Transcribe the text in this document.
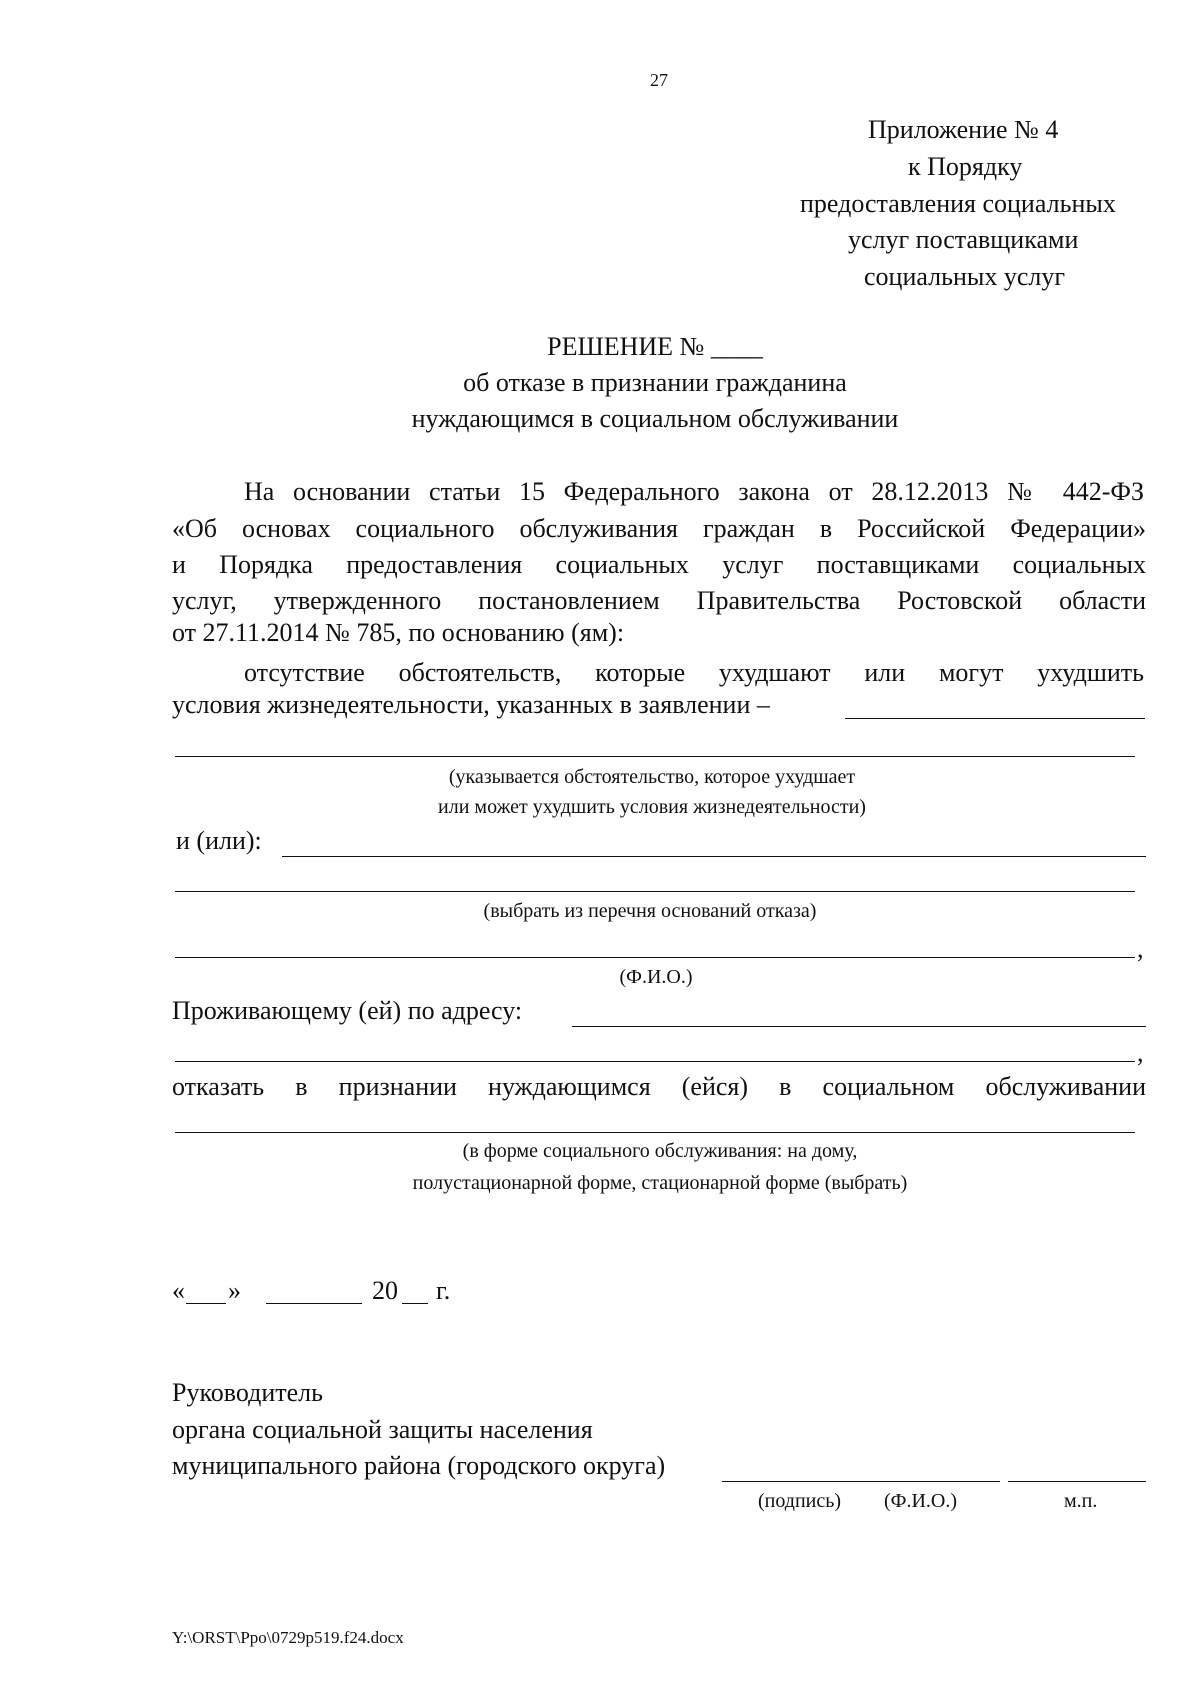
27
Приложение № 4
к Порядку
предоставления социальных
услуг поставщиками
социальных услуг
РЕШЕНИЕ № ____
об отказе в признании гражданина
нуждающимся в социальном обслуживании
На основании статьи 15 Федерального закона от 28.12.2013 № 442-ФЗ
«Об основах социального обслуживания граждан в Российской Федерации»
и Порядка предоставления социальных услуг поставщиками социальных
услуг, утвержденного постановлением Правительства Ростовской области
от 27.11.2014 № 785, по основанию (ям):
отсутствие обстоятельств, которые ухудшают или могут ухудшить
условия жизнедеятельности, указанных в заявлении –
(указывается обстоятельство, которое ухудшает
или может ухудшить условия жизнедеятельности)
и (или):
(выбрать из перечня оснований отказа)
,
(Ф.И.О.)
Проживающему (ей) по адресу:
,
отказать в признании нуждающимся (ейся) в социальном обслуживании
(в форме социального обслуживания: на дому,
полустационарной форме, стационарной форме (выбрать)
« »	20 г.
Руководитель
органа социальной защиты населения
муниципального района (городского округа)
(подпись) (Ф.И.О.)	м.п.
Y:\ORST\Ppo\0729p519.f24.docx
